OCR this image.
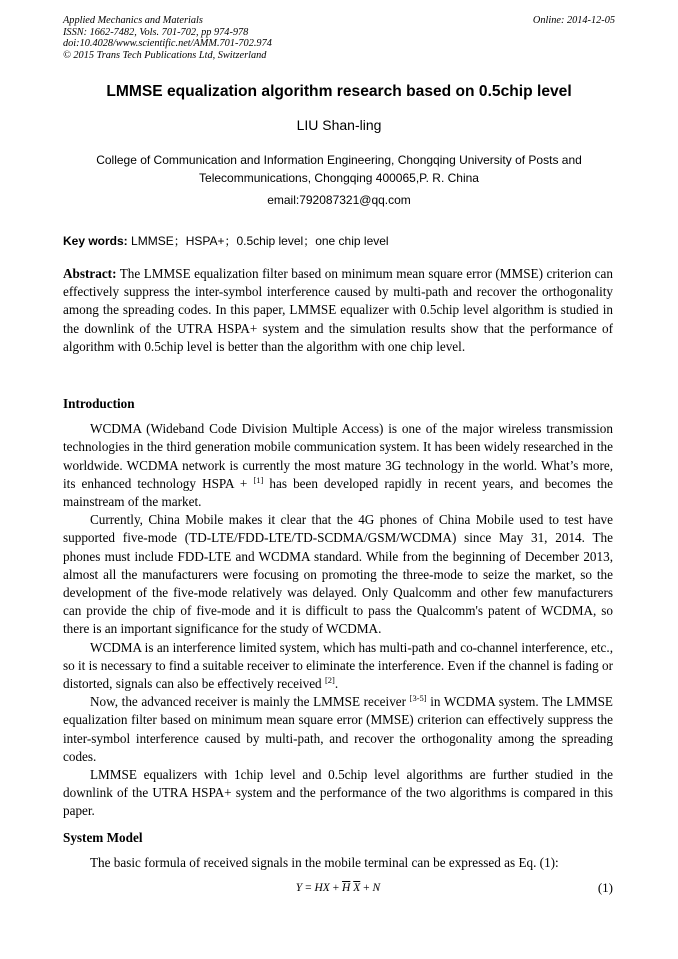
Applied Mechanics and Materials
ISSN: 1662-7482, Vols. 701-702, pp 974-978
doi:10.4028/www.scientific.net/AMM.701-702.974
© 2015 Trans Tech Publications Ltd, Switzerland
Online: 2014-12-05
LMMSE equalization algorithm research based on 0.5chip level
LIU Shan-ling
College of Communication and Information Engineering, Chongqing University of Posts and
Telecommunications, Chongqing 400065,P. R. China
email:792087321@qq.com
Key words: LMMSE；HSPA+；0.5chip level；one chip level
Abstract: The LMMSE equalization filter based on minimum mean square error (MMSE) criterion can effectively suppress the inter-symbol interference caused by multi-path and recover the orthogonality among the spreading codes. In this paper, LMMSE equalizer with 0.5chip level algorithm is studied in the downlink of the UTRA HSPA+ system and the simulation results show that the performance of algorithm with 0.5chip level is better than the algorithm with one chip level.
Introduction
WCDMA (Wideband Code Division Multiple Access) is one of the major wireless transmission technologies in the third generation mobile communication system. It has been widely researched in the worldwide. WCDMA network is currently the most mature 3G technology in the world. What’s more, its enhanced technology HSPA + [1] has been developed rapidly in recent years, and becomes the mainstream of the market.
Currently, China Mobile makes it clear that the 4G phones of China Mobile used to test have supported five-mode (TD-LTE/FDD-LTE/TD-SCDMA/GSM/WCDMA) since May 31, 2014. The phones must include FDD-LTE and WCDMA standard. While from the beginning of December 2013, almost all the manufacturers were focusing on promoting the three-mode to seize the market, so the development of the five-mode relatively was delayed. Only Qualcomm and other few manufacturers can provide the chip of five-mode and it is difficult to pass the Qualcomm's patent of WCDMA, so there is an important significance for the study of WCDMA.
WCDMA is an interference limited system, which has multi-path and co-channel interference, etc., so it is necessary to find a suitable receiver to eliminate the interference. Even if the channel is fading or distorted, signals can also be effectively received [2].
Now, the advanced receiver is mainly the LMMSE receiver [3-5] in WCDMA system. The LMMSE equalization filter based on minimum mean square error (MMSE) criterion can effectively suppress the inter-symbol interference caused by multi-path, and recover the orthogonality among the spreading codes.
LMMSE equalizers with 1chip level and 0.5chip level algorithms are further studied in the downlink of the UTRA HSPA+ system and the performance of the two algorithms is compared in this paper.
System Model
The basic formula of received signals in the mobile terminal can be expressed as Eq. (1):
Y = HX + $\overline{H}$ $\overline{X} + N$	(1)
